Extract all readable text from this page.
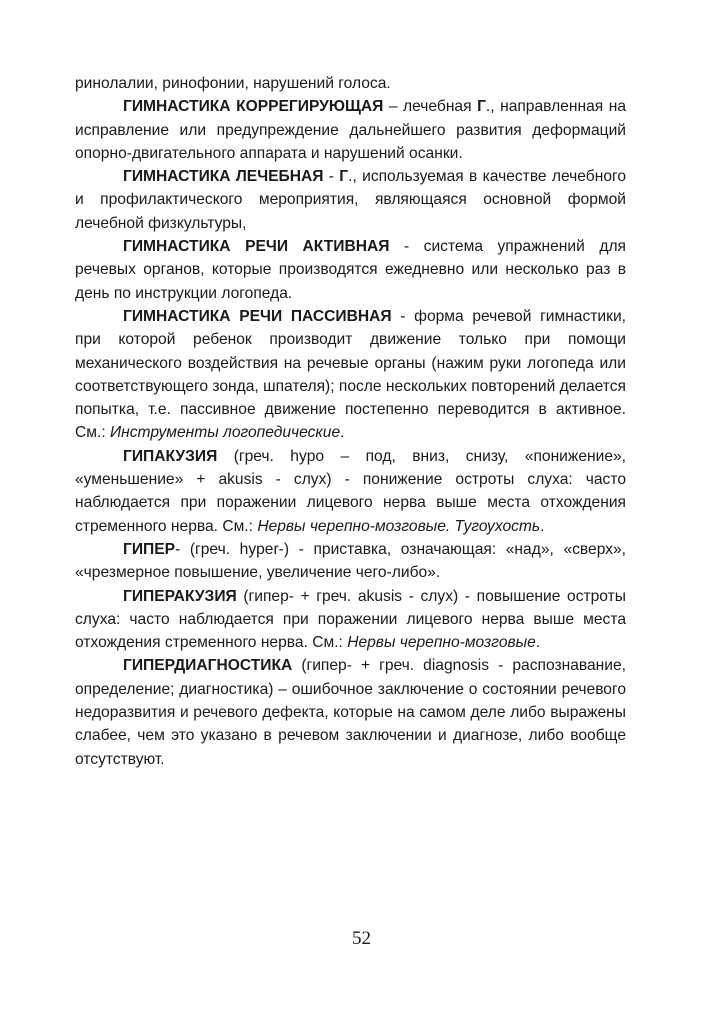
ринолалии, ринофонии, нарушений голоса.

ГИМНАСТИКА КОРРЕГИРУЮЩАЯ – лечебная Г., направленная на исправление или предупреждение дальнейшего развития деформаций опорно-двигательного аппарата и нарушений осанки.

ГИМНАСТИКА ЛЕЧЕБНАЯ - Г., используемая в качестве лечебного и профилактического мероприятия, являющаяся основной формой лечебной физкультуры,

ГИМНАСТИКА РЕЧИ АКТИВНАЯ - система упражнений для речевых органов, которые производятся ежедневно или несколько раз в день по инструкции логопеда.

ГИМНАСТИКА РЕЧИ ПАССИВНАЯ - форма речевой гимнастики, при которой ребенок производит движение только при помощи механического воздействия на речевые органы (нажим руки логопеда или соответствующего зонда, шпателя); после нескольких повторений делается попытка, т.е. пассивное движение постепенно переводится в активное. См.: Инструменты логопедические.

ГИПАКУЗИЯ (греч. hypo – под, вниз, снизу, «понижение», «уменьшение» + akusis - слух) - понижение остроты слуха: часто наблюдается при поражении лицевого нерва выше места отхождения стременного нерва. См.: Нервы черепно-мозговые. Тугоухость.

ГИПЕР- (греч. hyper-) - приставка, означающая: «над», «сверх», «чрезмерное повышение, увеличение чего-либо».

ГИПЕРАКУЗИЯ (гипер- + греч. akusis - слух) - повышение остроты слуха: часто наблюдается при поражении лицевого нерва выше места отхождения стременного нерва. См.: Нервы черепно-мозговые.

ГИПЕРДИАГНОСТИКА (гипер- + греч. diagnosis - распознавание, определение; диагностика) – ошибочное заключение о состоянии речевого недоразвития и речевого дефекта, которые на самом деле либо выражены слабее, чем это указано в речевом заключении и диагнозе, либо вообще отсутствуют.

52
